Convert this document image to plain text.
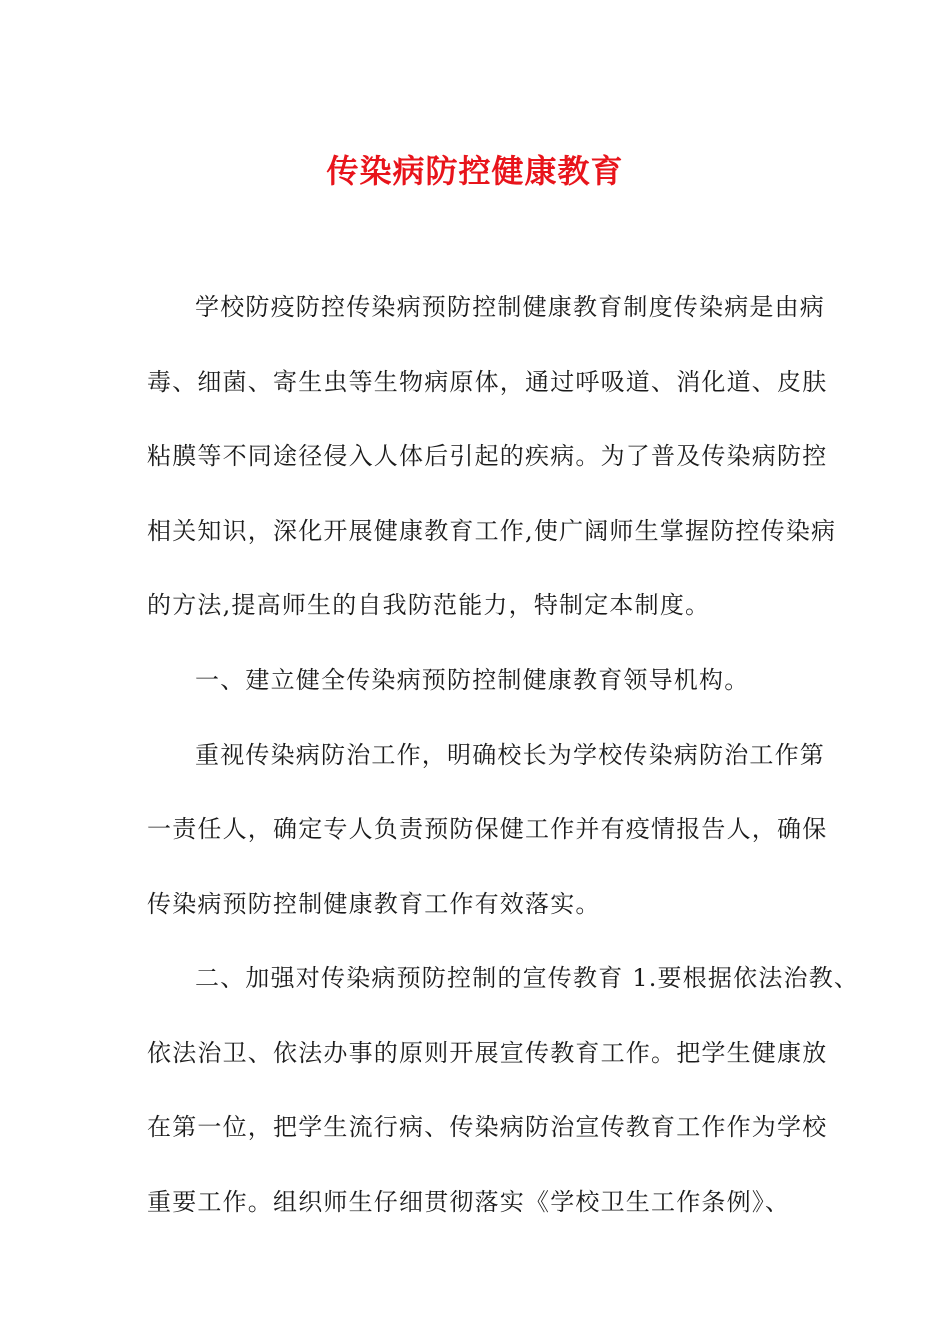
传染病防控健康教育
学校防疫防控传染病预防控制健康教育制度传染病是由病
毒、细菌、寄生虫等生物病原体，通过呼吸道、消化道、皮肤
粘膜等不同途径侵入人体后引起的疾病。为了普及传染病防控
相关知识，深化开展健康教育工作,使广阔师生掌握防控传染病
的方法,提高师生的自我防范能力，特制定本制度。
一、建立健全传染病预防控制健康教育领导机构。
重视传染病防治工作，明确校长为学校传染病防治工作第
一责任人，确定专人负责预防保健工作并有疫情报告人，确保
传染病预防控制健康教育工作有效落实。
二、加强对传染病预防控制的宣传教育 1.要根据依法治教、
依法治卫、依法办事的原则开展宣传教育工作。把学生健康放
在第一位，把学生流行病、传染病防治宣传教育工作作为学校
重要工作。组织师生仔细贯彻落实《学校卫生工作条例》、
